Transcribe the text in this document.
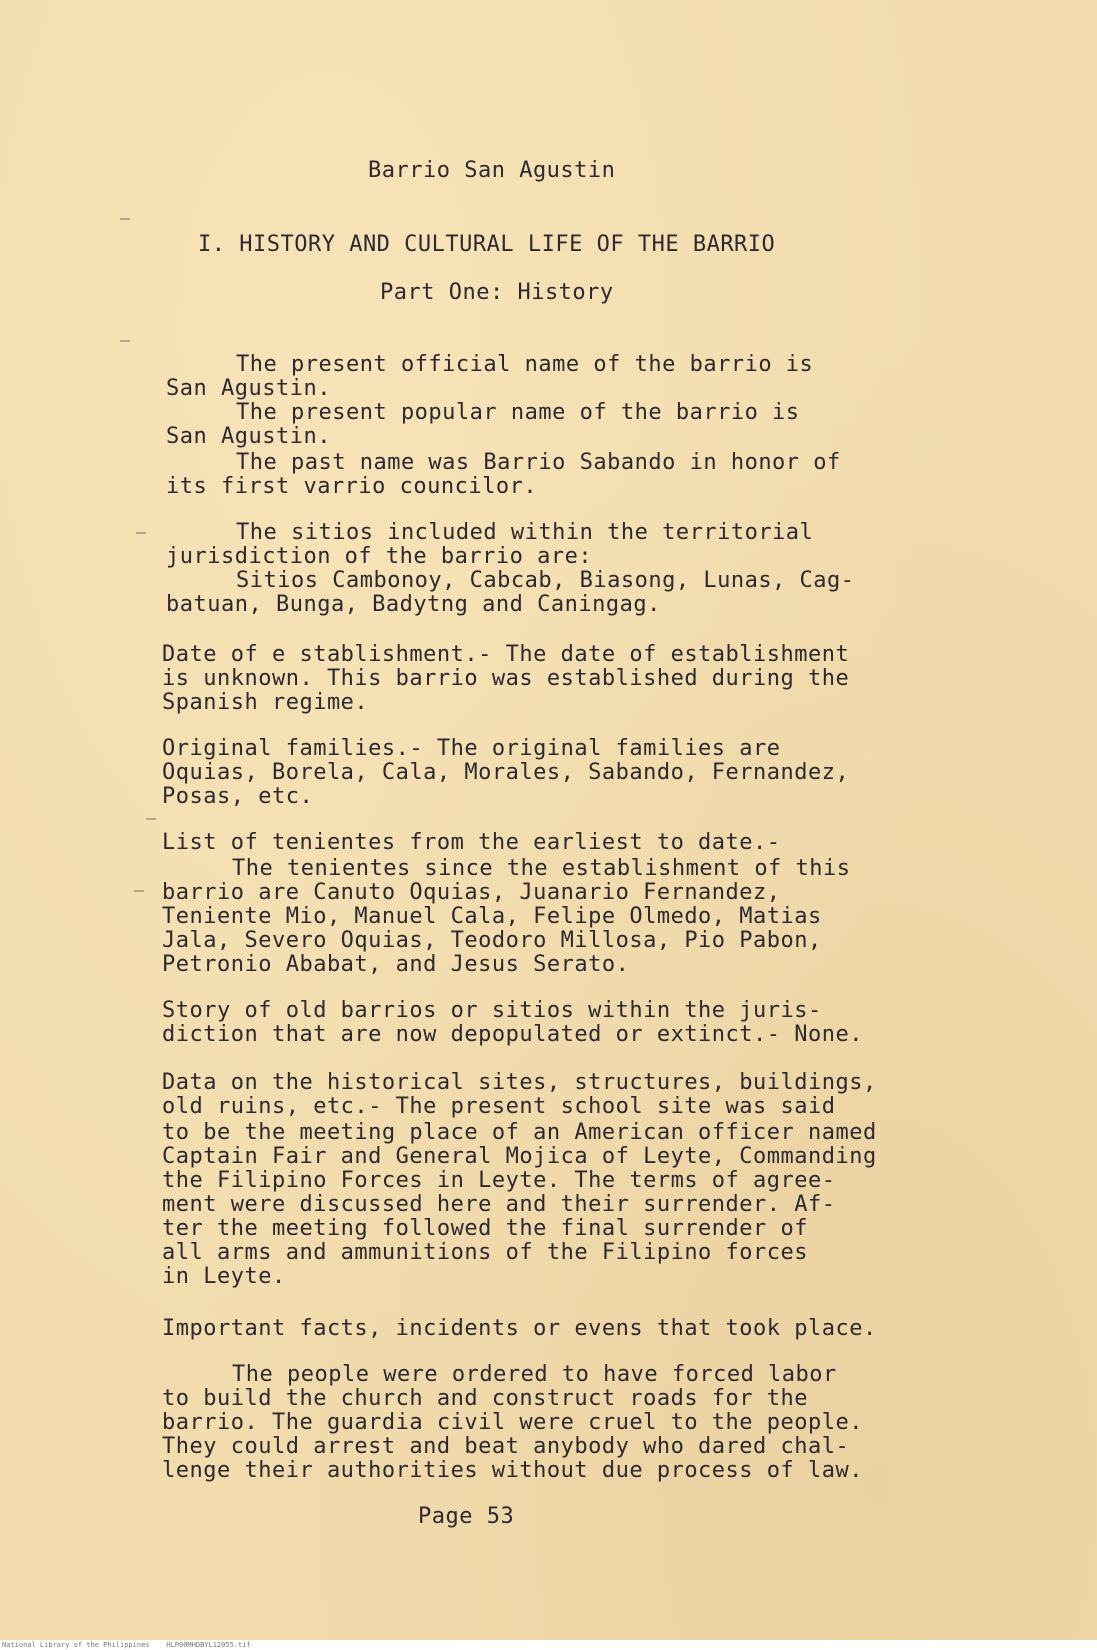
Barrio San Agustin
I. HISTORY AND CULTURAL LIFE OF THE BARRIO
Part One: History
The present official name of the barrio is
San Agustin.
The present popular name of the barrio is
San Agustin.
The past name was Barrio Sabando in honor of
its first varrio councilor.
The sitios included within the territorial
jurisdiction of the barrio are:
Sitios Cambonoy, Cabcab, Biasong, Lunas, Cag-
batuan, Bunga, Badytng and Caningag.
Date of e stablishment.- The date of establishment
is unknown. This barrio was established during the
Spanish regime.
Original families.- The original families are
Oquias, Borela, Cala, Morales, Sabando, Fernandez,
Posas, etc.
List of tenientes from the earliest to date.-
The tenientes since the establishment of this
barrio are Canuto Oquias, Juanario Fernandez,
Teniente Mio, Manuel Cala, Felipe Olmedo, Matias
Jala, Severo Oquias, Teodoro Millosa, Pio Pabon,
Petronio Ababat, and Jesus Serato.
Story of old barrios or sitios within the juris-
diction that are now depopulated or extinct.- None.
Data on the historical sites, structures, buildings,
old ruins, etc.- The present school site was said
to be the meeting place of an American officer named
Captain Fair and General Mojica of Leyte, Commanding
the Filipino Forces in Leyte. The terms of agree-
ment were discussed here and their surrender. Af-
ter the meeting followed the final surrender of
all arms and ammunitions of the Filipino forces
in Leyte.
Important facts, incidents or evens that took place.
The people were ordered to have forced labor
to build the church and construct roads for the
barrio. The guardia civil were cruel to the people.
They could arrest and beat anybody who dared chal-
lenge their authorities without due process of law.
Page 53
National Library of the Philippines    HLP00MHDBYL12055.tif
